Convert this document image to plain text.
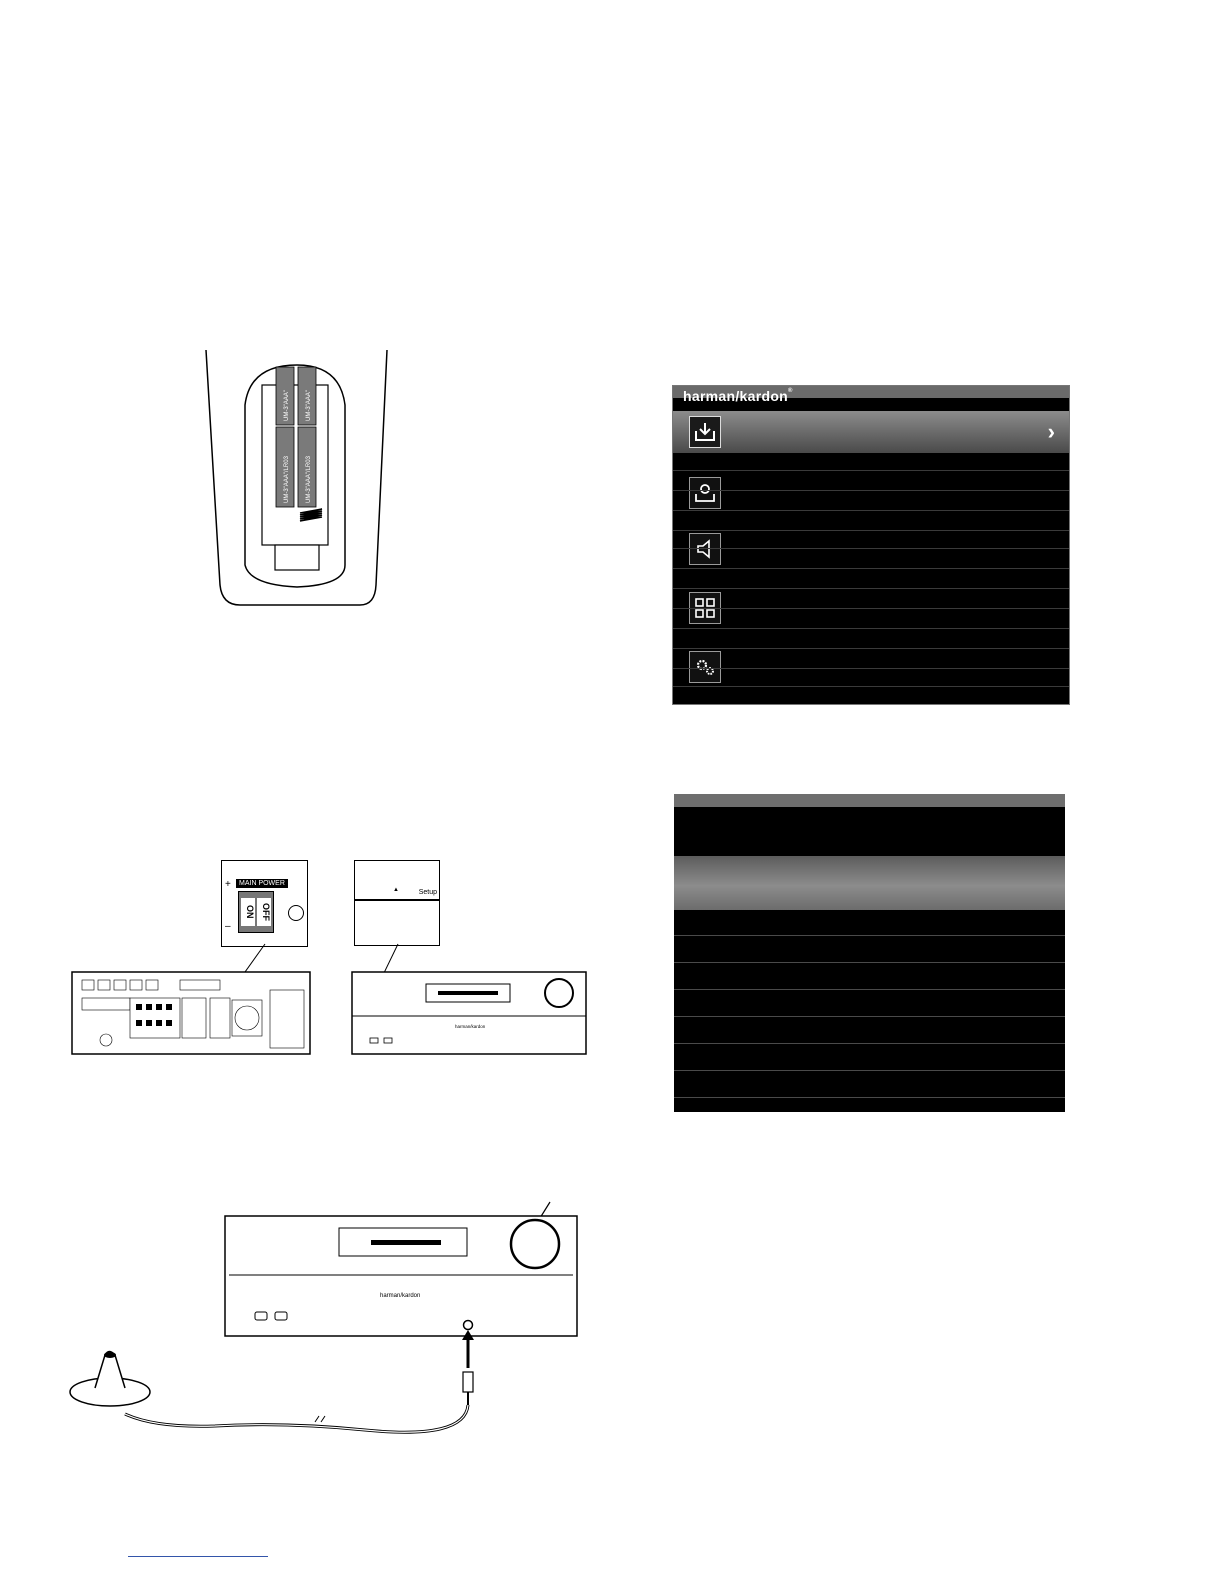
UM-3"AAA"	UM-3"AAA"
UM-3"AAA"/LR03	UM-3"AAA"/LR03
MAIN POWER
ON OFF
+
–
Setup
▲
harman/kardon
harman/kardon
harman/kardon®
›
